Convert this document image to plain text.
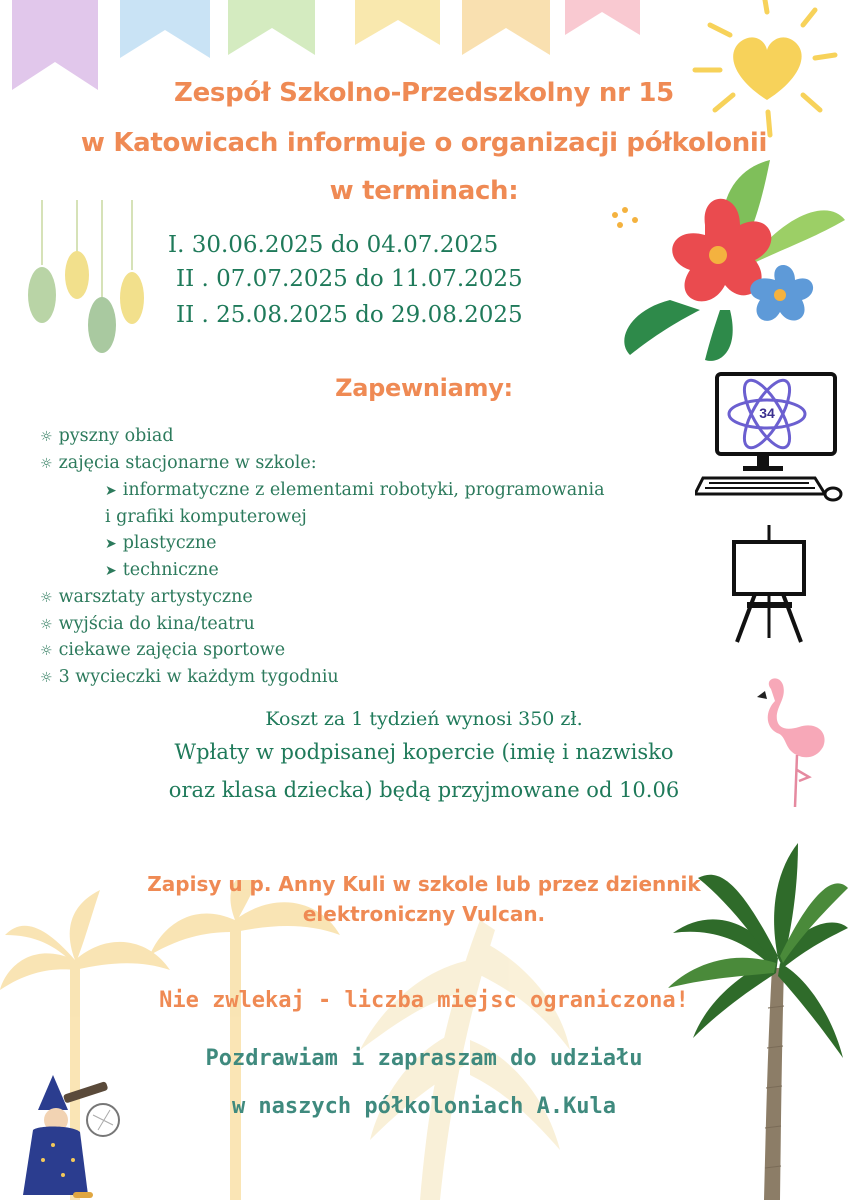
34
Zespół Szkolno-Przedszkolny nr 15
w Katowicach informuje o organizacji półkolonii
w terminach:
I. 30.06.2025 do 04.07.2025
II . 07.07.2025 do 11.07.2025
II . 25.08.2025 do 29.08.2025
Zapewniamy:
☼ pyszny obiad
☼ zajęcia stacjonarne w szkole:
➤ informatyczne z elementami robotyki, programowania
i grafiki komputerowej
➤ plastyczne
➤ techniczne
☼ warsztaty artystyczne
☼ wyjścia do kina/teatru
☼ ciekawe zajęcia sportowe
☼ 3 wycieczki w każdym tygodniu
Koszt za 1 tydzień wynosi 350 zł.
Wpłaty w podpisanej kopercie (imię i nazwisko
oraz klasa dziecka) będą przyjmowane od 10.06
Zapisy u p. Anny Kuli w szkole lub przez dziennik
elektroniczny Vulcan.
Nie zwlekaj - liczba miejsc ograniczona!
Pozdrawiam i zapraszam do udziału
w naszych półkoloniach A.Kula
